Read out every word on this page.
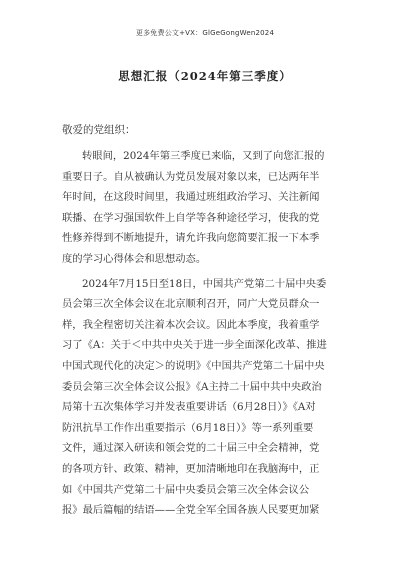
更多免费公文+VX：GlGeGongWen2024
思想汇报（2024年第三季度）
敬爱的党组织：

转眼间，2024年第三季度已来临，又到了向您汇报的
重要日子。自从被确认为党员发展对象以来，已达两年半
年时间，在这段时间里，我通过班组政治学习、关注新闻
联播、在学习强国软件上自学等各种途径学习，使我的党
性修养得到不断地提升，请允许我向您简要汇报一下本季
度的学习心得体会和思想动态。

2024年7月15日至18日，中国共产党第二十届中央委
员会第三次全体会议在北京顺利召开，同广大党员群众一
样，我全程密切关注着本次会议。因此本季度，我着重学
习了《A：关于＜中共中央关于进一步全面深化改革、推进
中国式现代化的决定＞的说明》《中国共产党第二十届中央
委员会第三次全体会议公报》《A主持二十届中共中央政治
局第十五次集体学习并发表重要讲话（6月28日）》《A对
防汛抗旱工作作出重要指示（6月18日）》等一系列重要
文件，通过深入研读和领会党的二十届三中全会精神，党
的各项方针、政策、精神，更加清晰地印在我脑海中，正
如《中国共产党第二十届中央委员会第三次全体会议公
报》最后篇幅的结语——全党全军全国各族人民要更加紧
